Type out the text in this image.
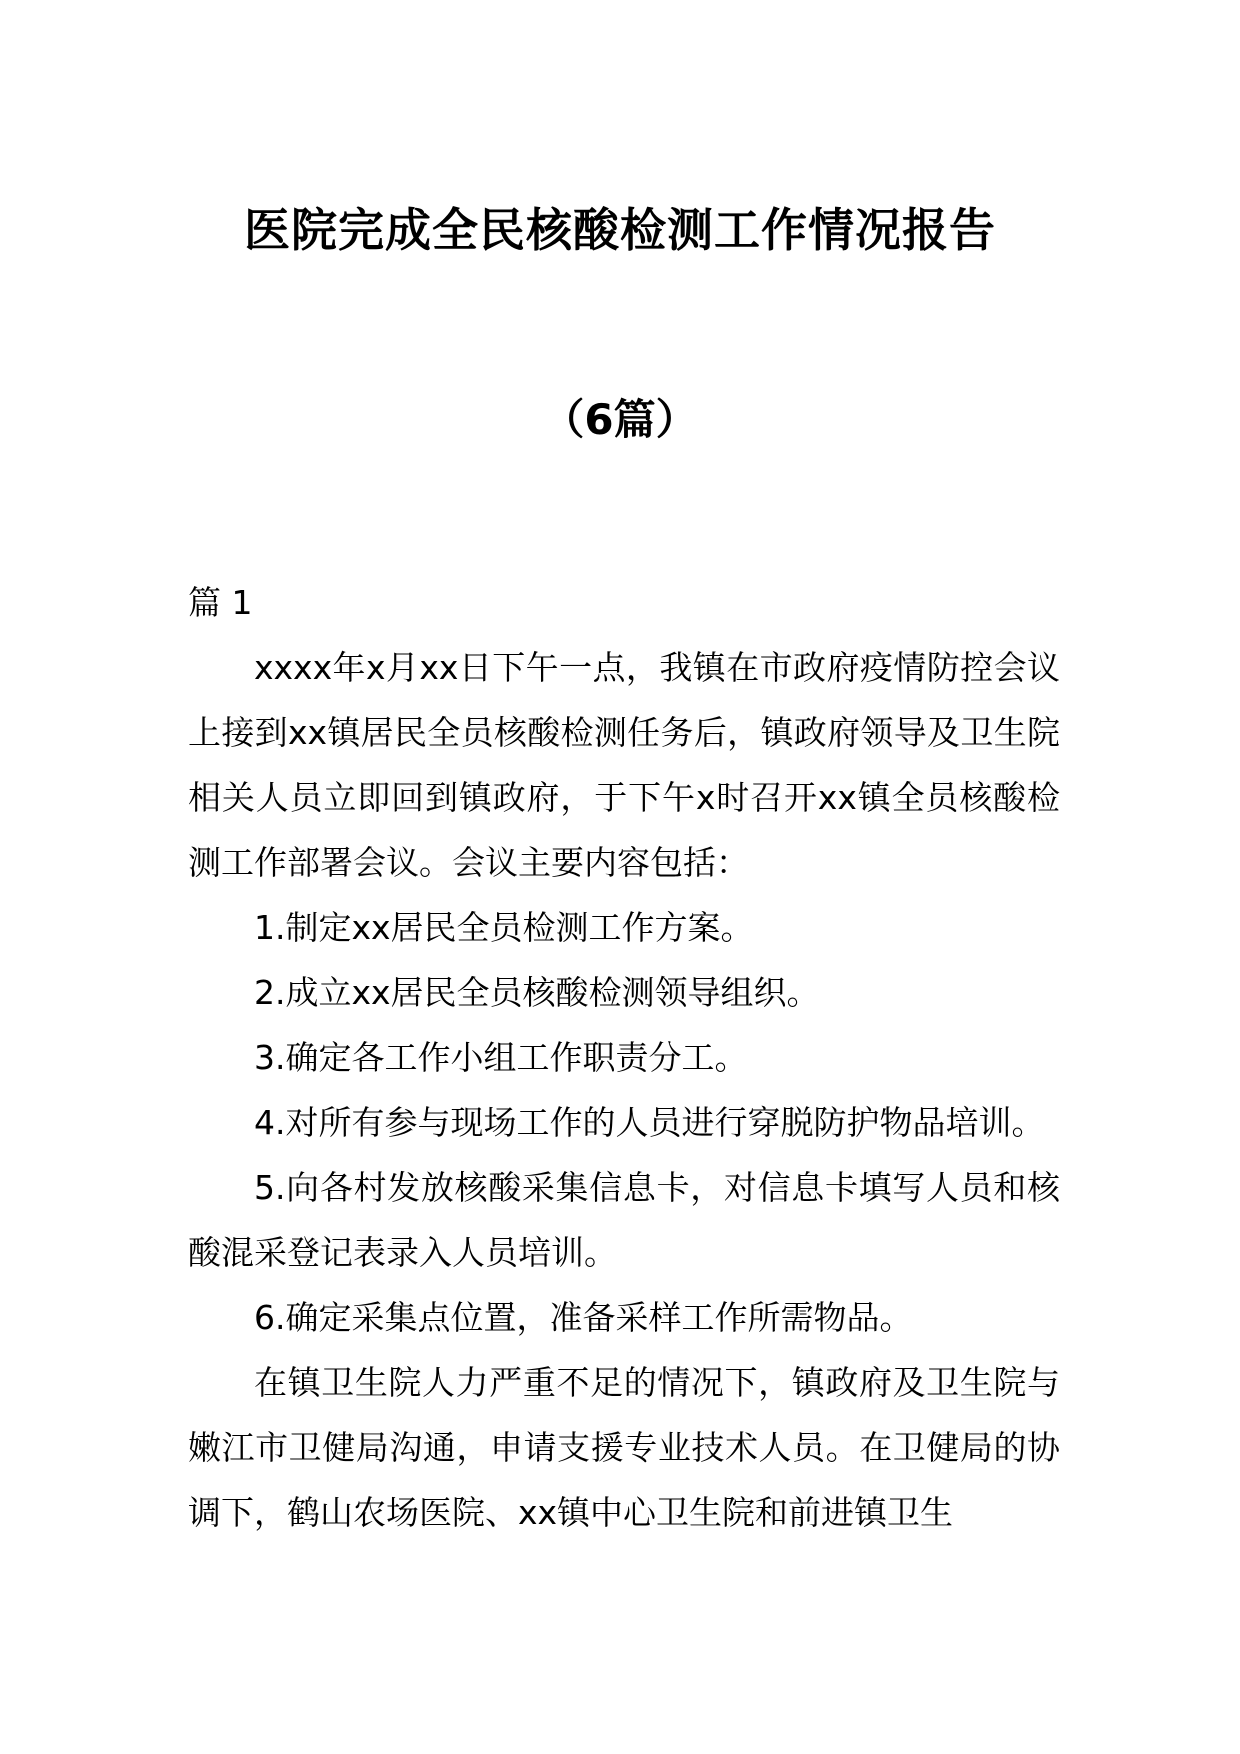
医院完成全民核酸检测工作情况报告
（6篇）

篇 1

xxxx年x月xx日下午一点，我镇在市政府疫情防控会议上接到xx镇居民全员核酸检测任务后，镇政府领导及卫生院相关人员立即回到镇政府，于下午x时召开xx镇全员核酸检测工作部署会议。会议主要内容包括：

1.制定xx居民全员检测工作方案。

2.成立xx居民全员核酸检测领导组织。

3.确定各工作小组工作职责分工。

4.对所有参与现场工作的人员进行穿脱防护物品培训。

5.向各村发放核酸采集信息卡，对信息卡填写人员和核酸混采登记表录入人员培训。

6.确定采集点位置，准备采样工作所需物品。

在镇卫生院人力严重不足的情况下，镇政府及卫生院与嫩江市卫健局沟通，申请支援专业技术人员。在卫健局的协调下，鹤山农场医院、xx镇中心卫生院和前进镇卫生
